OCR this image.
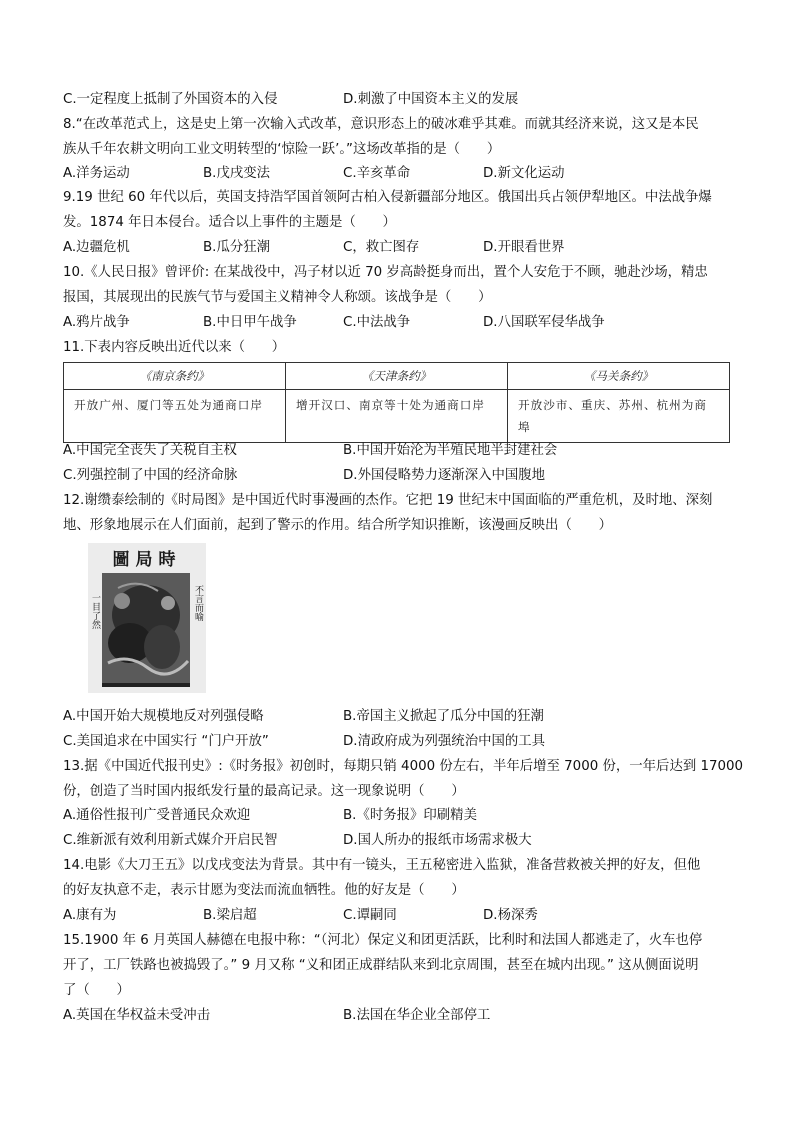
C.一定程度上抵制了外国资本的入侵	D.刺激了中国资本主义的发展
8.“在改革范式上，这是史上第一次输入式改革，意识形态上的破冰难乎其难。而就其经济来说，这又是本民
族从千年农耕文明向工业文明转型的‘惊险一跃’。”这场改革指的是（　　）
A.洋务运动	B.戊戌变法	C.辛亥革命	D.新文化运动
9.19 世纪 60 年代以后，英国支持浩罕国首领阿古柏入侵新疆部分地区。俄国出兵占领伊犁地区。中法战争爆
发。1874 年日本侵台。适合以上事件的主题是（　　）
A.边疆危机	B.瓜分狂潮	C，救亡图存	D.开眼看世界
10.《人民日报》曾评价: 在某战役中，冯子材以近 70 岁高龄挺身而出，置个人安危于不顾，驰赴沙场，精忠
报国，其展现出的民族气节与爱国主义精神令人称颂。该战争是（　　）
A.鸦片战争	B.中日甲午战争	C.中法战争	D.八国联军侵华战争
11.下表内容反映出近代以来（　　）
《南京条约》	《天津条约》	《马关条约》
开放广州、厦门等五处为通商口岸	增开汉口、南京等十处为通商口岸	开放沙市、重庆、苏州、杭州为商埠
A.中国完全丧失了关税自主权	B.中国开始沦为半殖民地半封建社会
C.列强控制了中国的经济命脉	D.外国侵略势力逐渐深入中国腹地
12.谢缵泰绘制的《时局图》是中国近代时事漫画的杰作。它把 19 世纪末中国面临的严重危机，及时地、深刻
地、形象地展示在人们面前，起到了警示的作用。结合所学知识推断，该漫画反映出（　　）
圖局時
一目了然	不言而喻
A.中国开始大规模地反对列强侵略	B.帝国主义掀起了瓜分中国的狂潮
C.美国追求在中国实行 “门户开放”	D.清政府成为列强统治中国的工具
13.据《中国近代报刊史》:《时务报》初创时，每期只销 4000 份左右，半年后增至 7000 份，一年后达到 17000
份，创造了当时国内报纸发行量的最高记录。这一现象说明（　　）
A.通俗性报刊广受普通民众欢迎	B.《时务报》印刷精美
C.维新派有效利用新式媒介开启民智	D.国人所办的报纸市场需求极大
14.电影《大刀王五》以戊戌变法为背景。其中有一镜头，王五秘密进入监狱，准备营救被关押的好友，但他
的好友执意不走，表示甘愿为变法而流血牺牲。他的好友是（　　）
A.康有为	B.梁启超	C.谭嗣同	D.杨深秀
15.1900 年 6 月英国人赫德在电报中称：“（河北）保定义和团更活跃，比利时和法国人都逃走了，火车也停
开了，工厂铁路也被捣毁了。” 9 月又称 “义和团正成群结队来到北京周围，甚至在城内出现。” 这从侧面说明
了（　　）
A.英国在华权益未受冲击	B.法国在华企业全部停工
